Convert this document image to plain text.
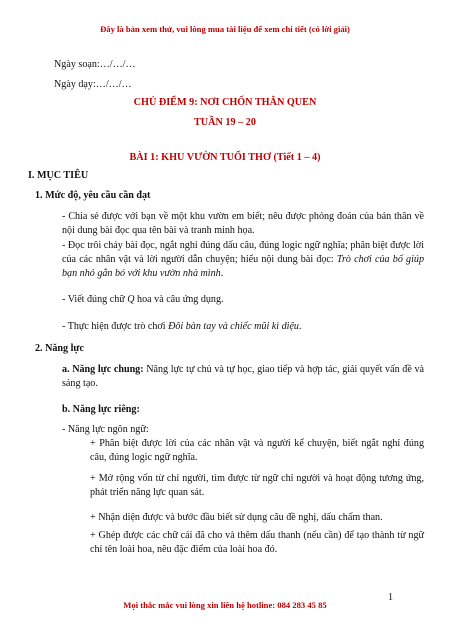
Đây là bản xem thử, vui lòng mua tài liệu để xem chi tiết (có lời giải)
Ngày soạn:…/…/…
Ngày dạy:…/…/…
CHỦ ĐIỂM 9: NƠI CHỐN THÂN QUEN
TUẦN 19 – 20
BÀI 1: KHU VƯỜN TUỔI THƠ (Tiết 1 – 4)
I. MỤC TIÊU
1. Mức độ, yêu cầu cần đạt
- Chia sẻ được với bạn về một khu vườn em biết; nêu được phỏng đoán của bản thân về nội dung bài đọc qua tên bài và tranh minh họa.
- Đọc trôi chảy bài đọc, ngắt nghỉ đúng dấu câu, đúng logic ngữ nghĩa; phân biệt được lời của các nhân vật và lời người dẫn chuyện; hiểu nội dung bài đọc: Trò chơi của bố giúp bạn nhỏ gắn bó với khu vườn nhà mình.
- Viết đúng chữ Q hoa và câu ứng dụng.
- Thực hiện được trò chơi Đôi bàn tay và chiếc mũi kì diệu.
2. Năng lực
a. Năng lực chung: Năng lực tự chủ và tự học, giao tiếp và hợp tác, giải quyết vấn đề và sáng tạo.
b. Năng lực riêng:
- Năng lực ngôn ngữ:
+ Phân biệt được lời của các nhân vật và người kể chuyện, biết ngắt nghỉ đúng câu, đúng logic ngữ nghĩa.
+ Mở rộng vốn từ chỉ người, tìm được từ ngữ chỉ người và hoạt động tương ứng, phát triển năng lực quan sát.
+ Nhận diện được và bước đầu biết sử dụng câu đề nghị, dấu chấm than.
+ Ghép được các chữ cái đã cho và thêm dấu thanh (nếu cần) để tạo thành từ ngữ chỉ tên loài hoa, nêu đặc điểm của loài hoa đó.
1
Mọi thắc mắc vui lòng xin liên hệ hotline: 084 283 45 85
